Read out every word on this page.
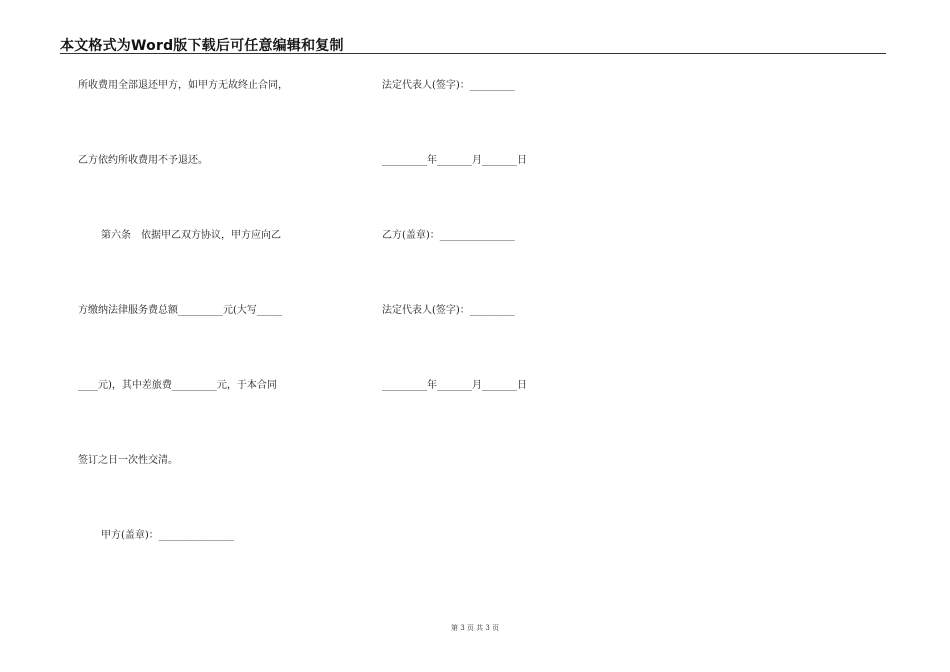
本文格式为Word版下载后可任意编辑和复制
所收费用全部退还甲方，如甲方无故终止合同，
乙方依约所收费用不予退还。
第六条　依据甲乙双方协议，甲方应向乙
方缴纳法律服务费总额_________元(大写_____
____元)，其中差旅费_________元，于本合同
签订之日一次性交清。
甲方(盖章)：_______________
法定代表人(签字)：_________
_________年_______月_______日
乙方(盖章)：_______________
法定代表人(签字)：_________
_________年_______月_______日
第 3 页 共 3 页
